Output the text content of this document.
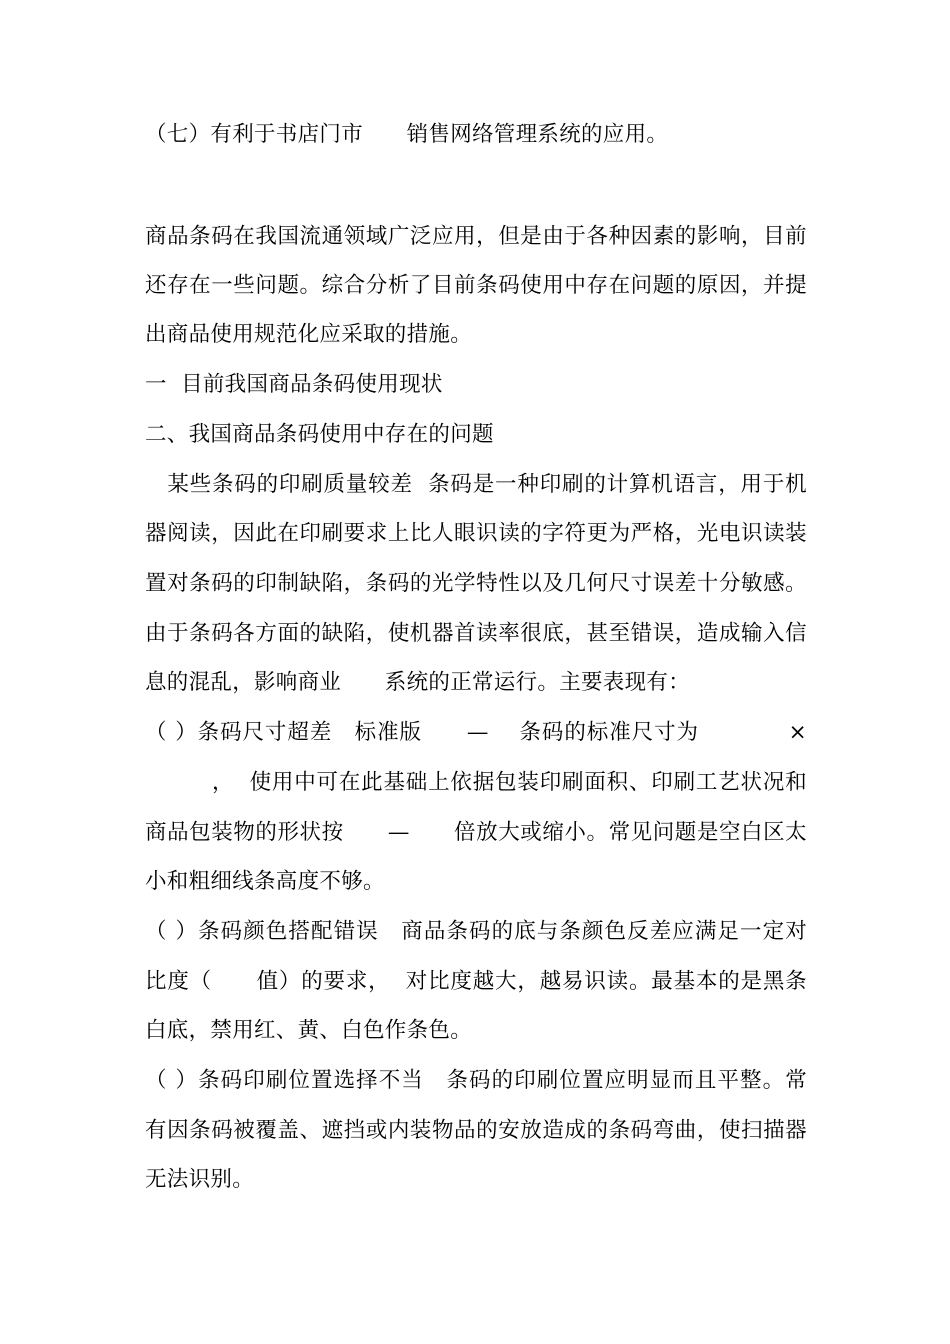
（七）有利于书店门市　　销售网络管理系统的应用。

商品条码在我国流通领域广泛应用，但是由于各种因素的影响，目前

还存在一些问题。综合分析了目前条码使用中存在问题的原因，并提

出商品使用规范化应采取的措施。

一  目前我国商品条码使用现状

二、我国商品条码使用中存在的问题

　某些条码的印刷质量较差  条码是一种印刷的计算机语言，用于机

器阅读，因此在印刷要求上比人眼识读的字符更为严格，光电识读装

置对条码的印制缺陷，条码的光学特性以及几何尺寸误差十分敏感。

由于条码各方面的缺陷，使机器首读率很底，甚至错误，造成输入信

息的混乱，影响商业　　系统的正常运行。主要表现有：

（ ）条码尺寸超差　标准版　　—　 条码的标准尺寸为　　　　×

　　　，  使用中可在此基础上依据包装印刷面积、印刷工艺状况和

商品包装物的形状按　　—　　倍放大或缩小。常见问题是空白区太

小和粗细线条高度不够。

（ ）条码颜色搭配错误　商品条码的底与条颜色反差应满足一定对

比度（　　值）的要求，  对比度越大，越易识读。最基本的是黑条

白底，禁用红、黄、白色作条色。

（ ）条码印刷位置选择不当　条码的印刷位置应明显而且平整。常

有因条码被覆盖、遮挡或内装物品的安放造成的条码弯曲，使扫描器

无法识别。
